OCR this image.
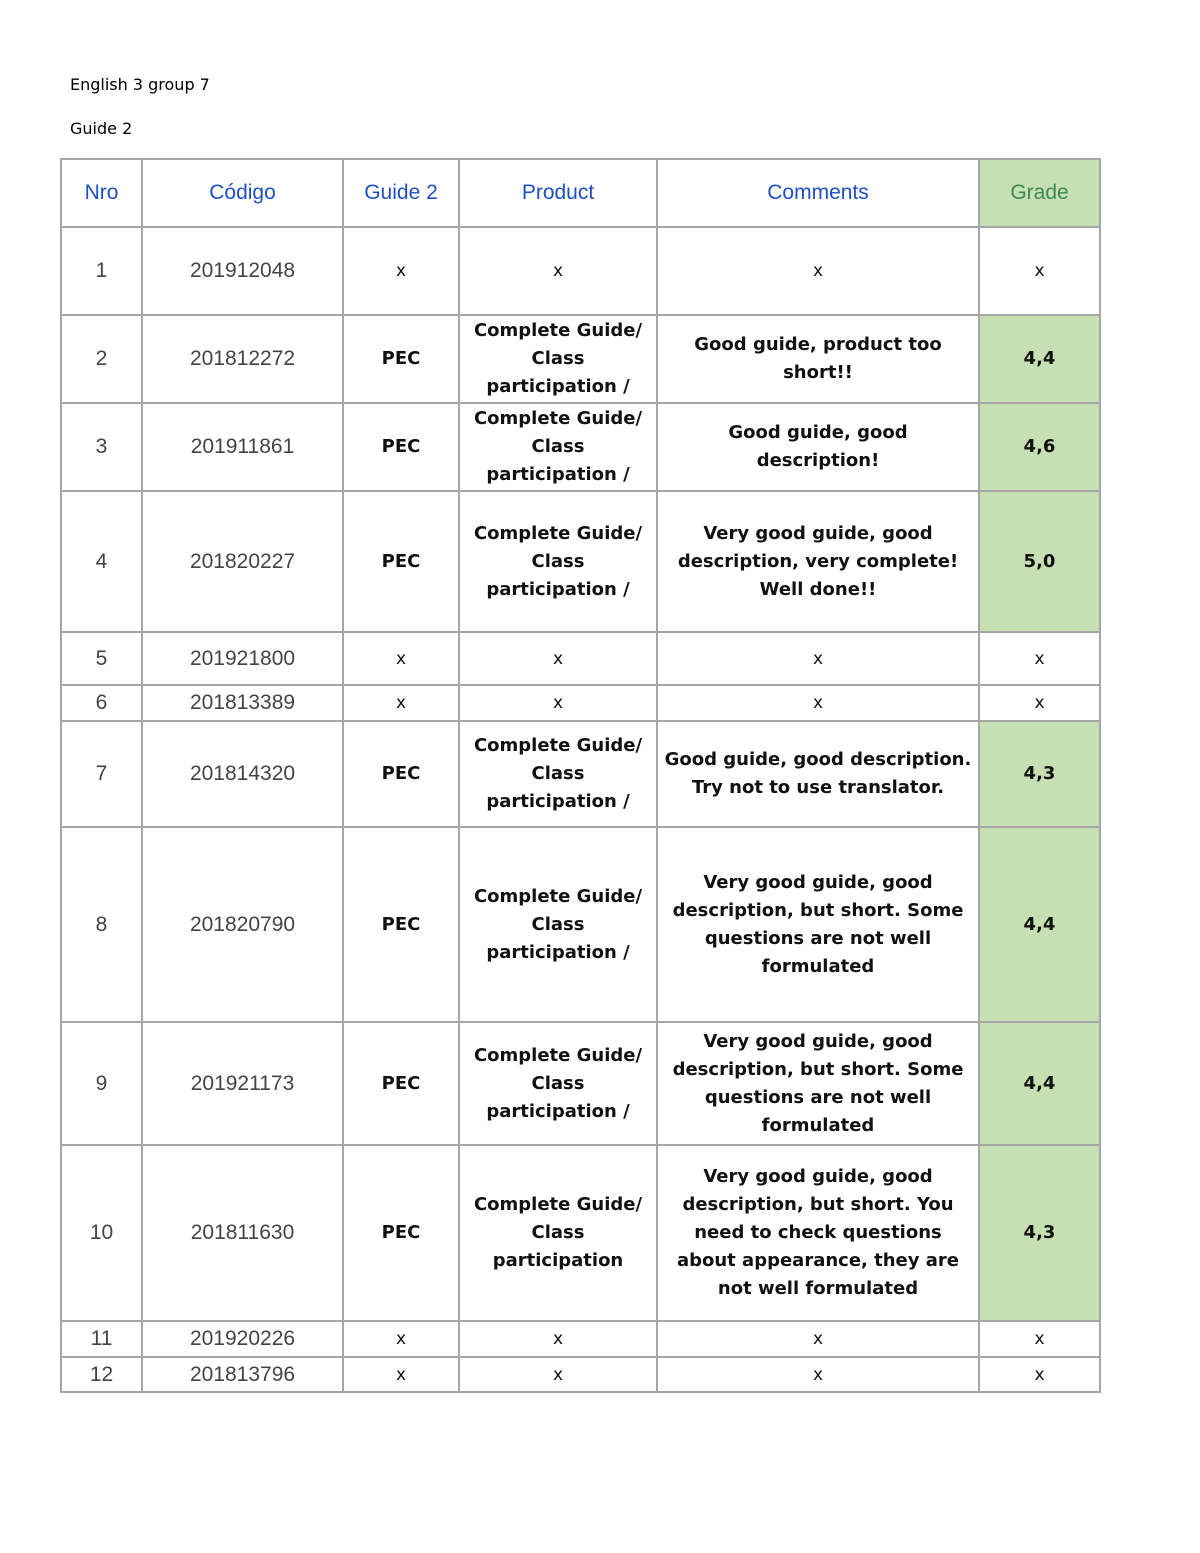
English 3 group 7
Guide 2
Nro	Código	Guide 2	Product	Comments	Grade
1	201912048	x	x	x	x
2	201812272	PEC	Complete Guide/ Class participation /	Good guide, product too short!!	4,4
3	201911861	PEC	Complete Guide/ Class participation /	Good guide, good description!	4,6
4	201820227	PEC	Complete Guide/ Class participation /	Very good guide, good description, very complete! Well done!!	5,0
5	201921800	x	x	x	x
6	201813389	x	x	x	x
7	201814320	PEC	Complete Guide/ Class participation /	Good guide, good description. Try not to use translator.	4,3
8	201820790	PEC	Complete Guide/ Class participation /	Very good guide, good description, but short. Some questions are not well formulated	4,4
9	201921173	PEC	Complete Guide/ Class participation /	Very good guide, good description, but short. Some questions are not well formulated	4,4
10	201811630	PEC	Complete Guide/ Class participation	Very good guide, good description, but short. You need to check questions about appearance, they are not well formulated	4,3
11	201920226	x	x	x	x
12	201813796	x	x	x	x
